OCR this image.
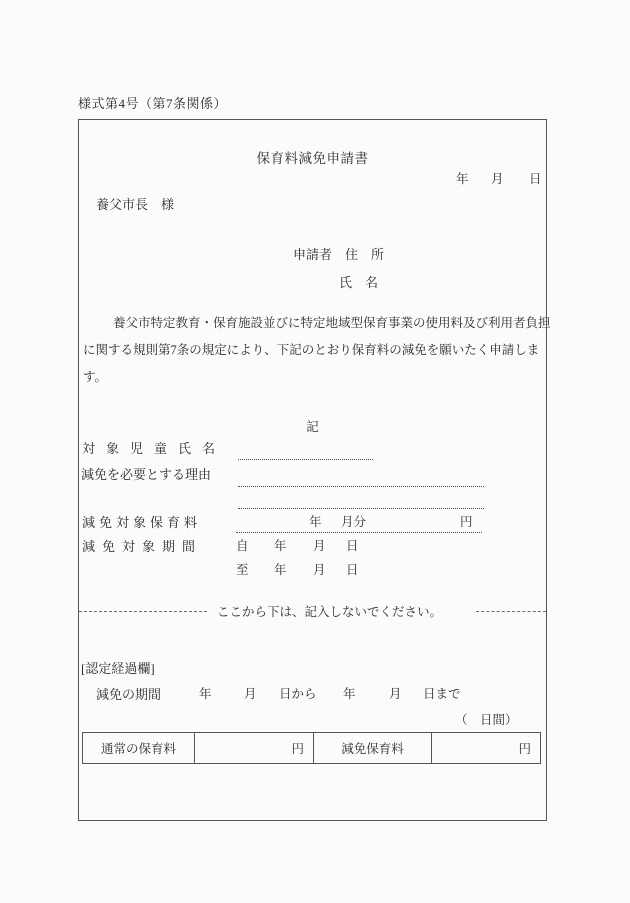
様式第4号（第7条関係）
保育料減免申請書
年 月 日
養父市長　様
申請者 住　所
氏　名
養父市特定教育・保育施設並びに特定地域型保育事業の使用料及び利用者負担
に関する規則第7条の規定により、下記のとおり保育料の減免を願いたく申請しま
す。
記
対象児童氏名
減免を必要とする理由
減免対象保育料	年 月分	円
減免対象期間	自 年 月 日
至 年 月 日
ここから下は、記入しないでください。
[認定経過欄]
減免の期間	年	月 日から 年	月 日まで
（　日間）
通常の保育料	円	減免保育料	円
